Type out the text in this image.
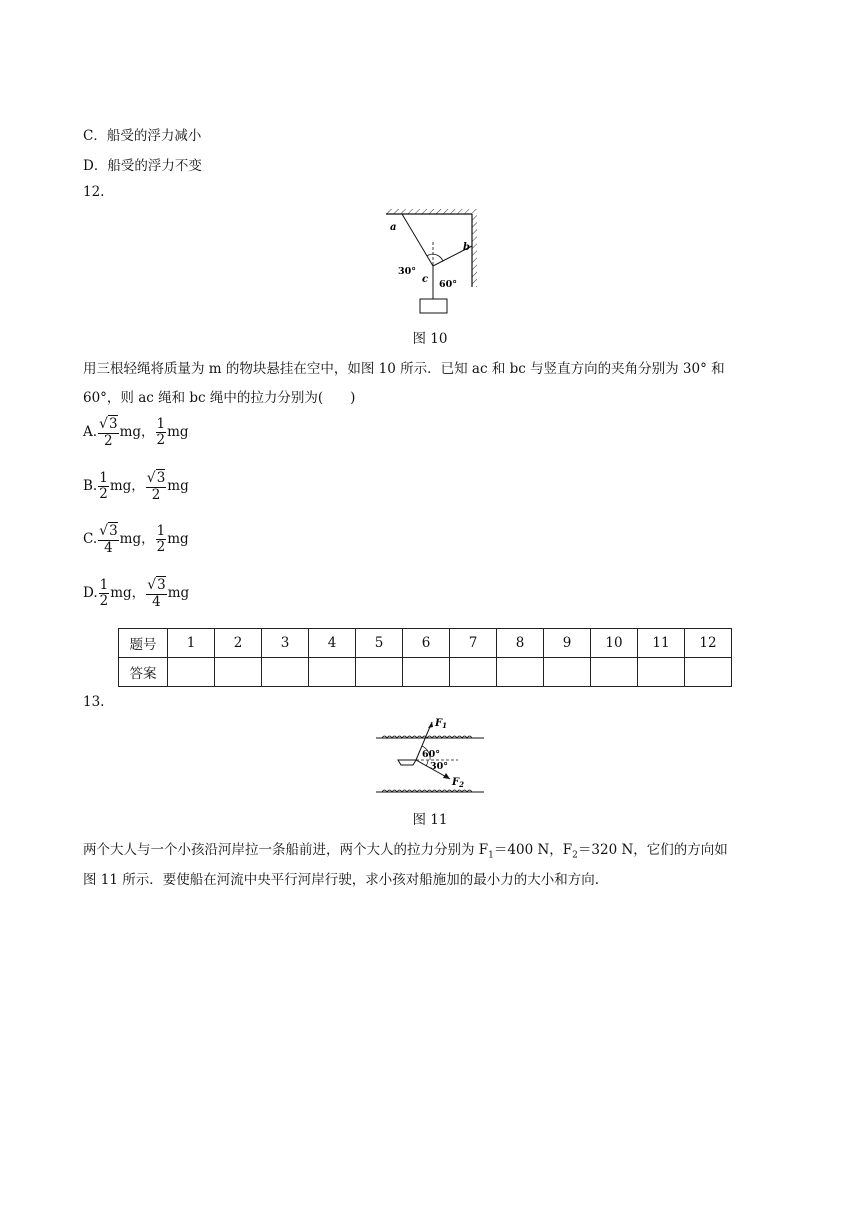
C．船受的浮力减小
D．船受的浮力不变
12.
a
b
c
30°
60°
图 10
用三根轻绳将质量为 m 的物块悬挂在空中，如图 10 所示．已知 ac 和 bc 与竖直方向的夹角分别为 30° 和
60°，则 ac 绳和 bc 绳中的拉力分别为(　　)
A. $\frac{√3}{2}$ mg， $\frac{1}{2}$ mg
B. $\frac{1}{2}$ mg， $\frac{√3}{2}$ mg
C. $\frac{√3}{4}$ mg， $\frac{1}{2}$ mg
D. $\frac{1}{2}$ mg， $\frac{√3}{4}$ mg
题号	1	2	3	4	5	6	7	8	9	10	11	12
答案												
13.
$F_1$
$F_2$
60°
30°
图 11
两个大人与一个小孩沿河岸拉一条船前进，两个大人的拉力分别为 $F_1=400$ N，$F_2=320$ N，它们的方向如
图 11 所示．要使船在河流中央平行河岸行驶，求小孩对船施加的最小力的大小和方向.
